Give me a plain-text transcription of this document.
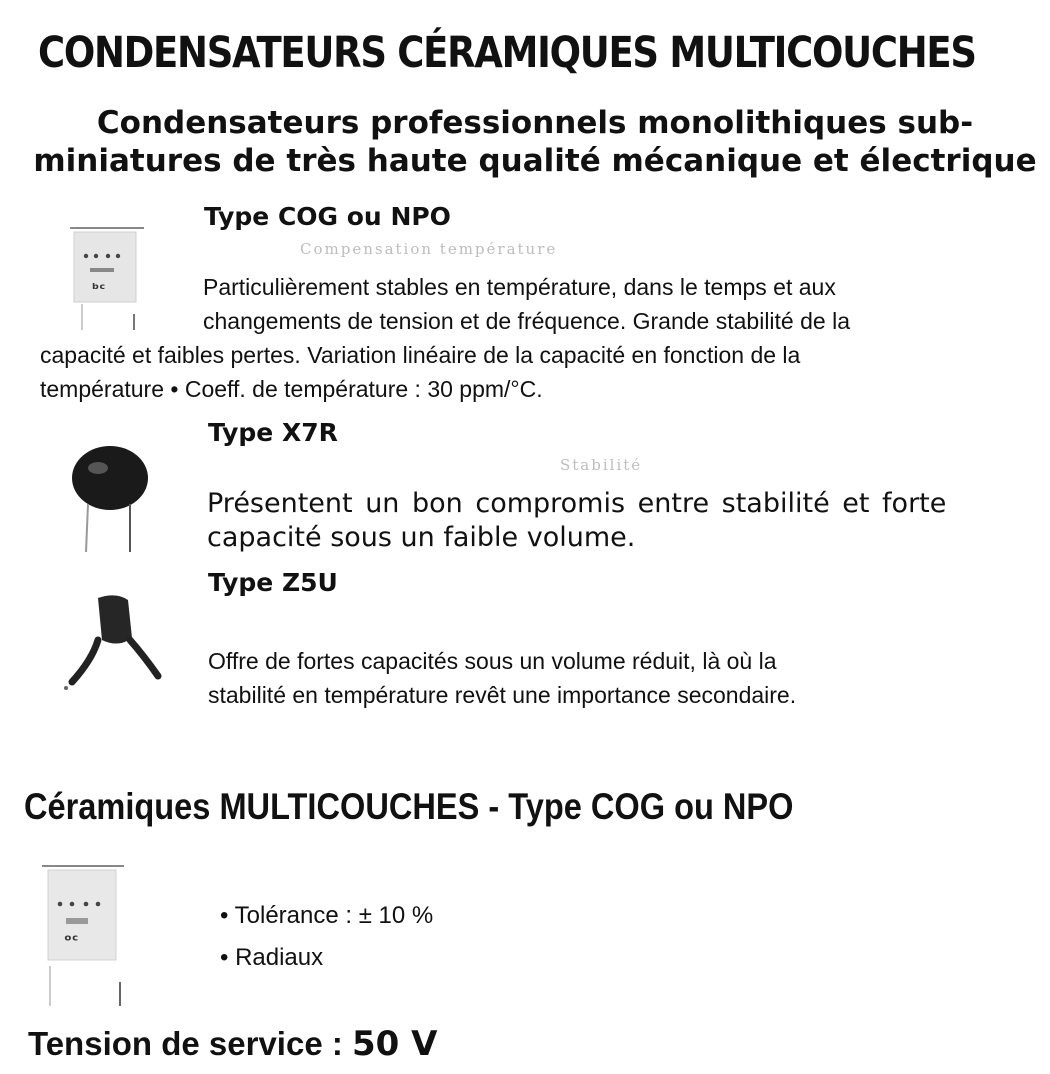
CONDENSATEURS CÉRAMIQUES MULTICOUCHES
Condensateurs professionnels monolithiques sub-
miniatures de très haute qualité mécanique et électrique
ᵇᶜ
Type COG ou NPO
Compensation température
Particulièrement stables en température, dans le temps et aux
changements de tension et de fréquence. Grande stabilité de la
capacité et faibles pertes. Variation linéaire de la capacité en fonction de la
température • Coeff. de température : 30 ppm/°C.
Type X7R
Stabilité
Présentent un bon compromis entre stabilité et forte
capacité sous un faible volume.
Type Z5U
Offre de fortes capacités sous un volume réduit, là où la
stabilité en température revêt une importance secondaire.
Céramiques MULTICOUCHES - Type COG ou NPO
ᵒᶜ
• Tolérance : ± 10 %
• Radiaux
Tension de service : 50 V
